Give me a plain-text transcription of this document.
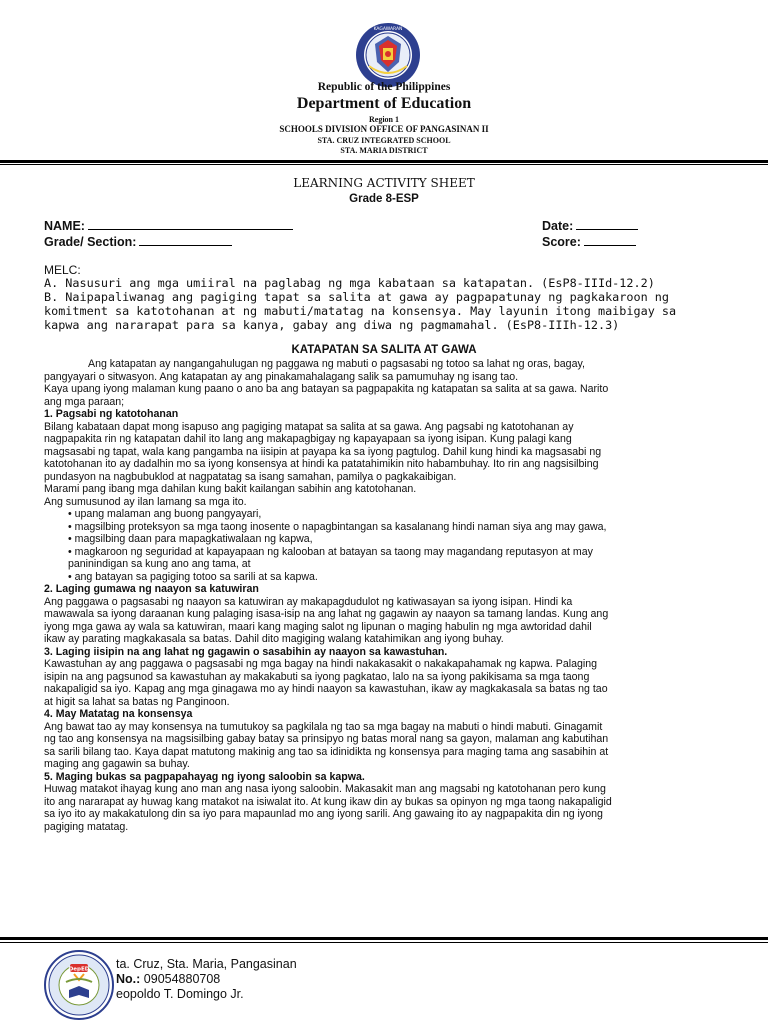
KAGAWARAN
Republic of the Philippines
Department of Education
Region 1
SCHOOLS DIVISION OFFICE OF PANGASINAN II
STA. CRUZ INTEGRATED SCHOOL
STA. MARIA DISTRICT
LEARNING ACTIVITY SHEET
Grade 8-ESP
NAME:
Grade/ Section:
Date:
Score:
MELC:
A. Nasusuri ang mga umiiral na paglabag ng mga kabataan sa katapatan. (EsP8-IIId-12.2)
B. Naipapaliwanag ang pagiging tapat sa salita at gawa ay pagpapatunay ng pagkakaroon ng
komitment sa katotohanan at ng mabuti/matatag na konsensya. May layunin itong maibigay sa
kapwa ang nararapat para sa kanya, gabay ang diwa ng pagmamahal. (EsP8-IIIh-12.3)
KATAPATAN SA SALITA AT GAWA
Ang katapatan ay nangangahulugan ng paggawa ng mabuti o pagsasabi ng totoo sa lahat ng oras, bagay,
pangyayari o sitwasyon. Ang katapatan ay ang pinakamahalagang salik sa pamumuhay ng isang tao.
Kaya upang iyong malaman kung paano o ano ba ang batayan sa pagpapakita ng katapatan sa salita at sa gawa. Narito
ang mga paraan;
1. Pagsabi ng katotohanan
Bilang kabataan dapat mong isapuso ang pagiging matapat sa salita at sa gawa. Ang pagsabi ng katotohanan ay
nagpapakita rin ng katapatan dahil ito lang ang makapagbigay ng kapayapaan sa iyong isipan. Kung palagi kang
magsasabi ng tapat, wala kang pangamba na iisipin at payapa ka sa iyong pagtulog. Dahil kung hindi ka magsasabi ng
katotohanan ito ay dadalhin mo sa iyong konsensya at hindi ka patatahimikin nito habambuhay. Ito rin ang nagsisilbing
pundasyon na nagbubuklod at nagpatatag sa isang samahan, pamilya o pagkakaibigan.
Marami pang ibang mga dahilan kung bakit kailangan sabihin ang katotohanan.
Ang sumusunod ay ilan lamang sa mga ito.
• upang malaman ang buong pangyayari,
• magsilbing proteksyon sa mga taong inosente o napagbintangan sa kasalanang hindi naman siya ang may gawa,
• magsilbing daan para mapagkatiwalaan ng kapwa,
• magkaroon ng seguridad at kapayapaan ng kalooban at batayan sa taong may magandang reputasyon at may
paninindigan sa kung ano ang tama, at
• ang batayan sa pagiging totoo sa sarili at sa kapwa.
2. Laging gumawa ng naayon sa katuwiran
Ang paggawa o pagsasabi ng naayon sa katuwiran ay makapagdudulot ng katiwasayan sa iyong isipan. Hindi ka
mawawala sa iyong daraanan kung palaging isasa-isip na ang lahat ng gagawin ay naayon sa tamang landas. Kung ang
iyong mga gawa ay wala sa katuwiran, maari kang maging salot ng lipunan o maging habulin ng mga awtoridad dahil
ikaw ay parating magkakasala sa batas. Dahil dito magiging walang katahimikan ang iyong buhay.
3. Laging iisipin na ang lahat ng gagawin o sasabihin ay naayon sa kawastuhan.
Kawastuhan ay ang paggawa o pagsasabi ng mga bagay na hindi nakakasakit o nakakapahamak ng kapwa. Palaging
isipin na ang pagsunod sa kawastuhan ay makakabuti sa iyong pagkatao, lalo na sa iyong pakikisama sa mga taong
nakapaligid sa iyo. Kapag ang mga ginagawa mo ay hindi naayon sa kawastuhan, ikaw ay magkakasala sa batas ng tao
at higit sa lahat sa batas ng Panginoon.
4. May Matatag na konsensya
Ang bawat tao ay may konsensya na tumutukoy sa pagkilala ng tao sa mga bagay na mabuti o hindi mabuti. Ginagamit
ng tao ang konsensya na magsisilbing gabay batay sa prinsipyo ng batas moral nang sa gayon, malaman ang kabutihan
sa sarili bilang tao. Kaya dapat matutong makinig ang tao sa idinidikta ng konsensya para maging tama ang sasabihin at
maging ang gagawin sa buhay.
5. Maging bukas sa pagpapahayag ng iyong saloobin sa kapwa.
Huwag matakot ihayag kung ano man ang nasa iyong saloobin. Makasakit man ang magsabi ng katotohanan pero kung
ito ang nararapat ay huwag kang matakot na isiwalat ito. At kung ikaw din ay bukas sa opinyon ng mga taong nakapaligid
sa iyo ito ay makakatulong din sa iyo para mapaunlad mo ang iyong sarili. Ang gawaing ito ay nagpapakita din ng iyong
pagiging matatag.
DepED ta. Cruz, Sta. Maria, Pangasinan
No.: 09054880708
eopoldo T. Domingo Jr.
